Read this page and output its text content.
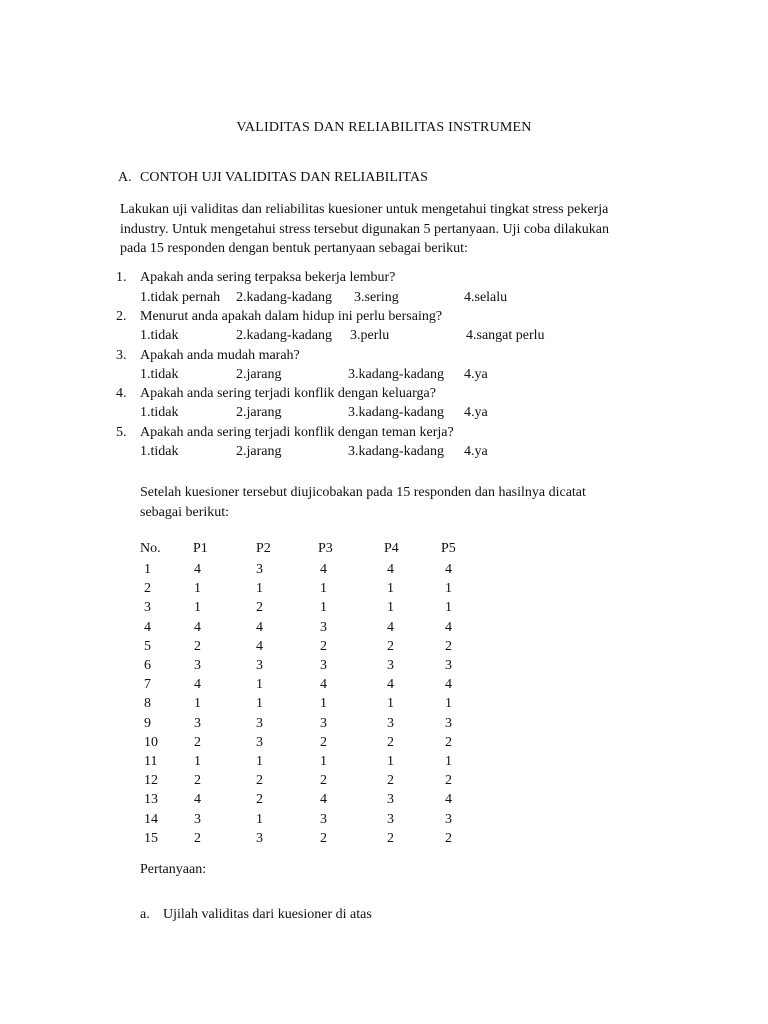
VALIDITAS DAN RELIABILITAS INSTRUMEN
A. CONTOH UJI VALIDITAS DAN RELIABILITAS
Lakukan uji validitas dan reliabilitas kuesioner untuk mengetahui tingkat stress pekerja
industry. Untuk mengetahui stress tersebut digunakan 5 pertanyaan. Uji coba dilakukan
pada 15 responden dengan bentuk pertanyaan sebagai berikut:
1. Apakah anda sering terpaksa bekerja lembur?
1.tidak pernah 2.kadang-kadang 3.sering	4.selalu
2. Menurut anda apakah dalam hidup ini perlu bersaing?
1.tidak	2.kadang-kadang 3.perlu	4.sangat perlu
3. Apakah anda mudah marah?
1.tidak	2.jarang	3.kadang-kadang 4.ya
4. Apakah anda sering terjadi konflik dengan keluarga?
1.tidak	2.jarang	3.kadang-kadang 4.ya
5. Apakah anda sering terjadi konflik dengan teman kerja?
1.tidak	2.jarang	3.kadang-kadang 4.ya
Setelah kuesioner tersebut diujicobakan pada 15 responden dan hasilnya dicatat
sebagai berikut:
No. P1	P2	P3	P4	P5
1	4	3	4	4	4
2	1	1	1	1	1
3	1	2	1	1	1
4	4	4	3	4	4
5	2	4	2	2	2
6	3	3	3	3	3
7	4	1	4	4	4
8	1	1	1	1	1
9	3	3	3	3	3
10	2	3	2	2	2
11	1	1	1	1	1
12	2	2	2	2	2
13	4	2	4	3	4
14	3	1	3	3	3
15	2	3	2	2	2
Pertanyaan:
a. Ujilah validitas dari kuesioner di atas
